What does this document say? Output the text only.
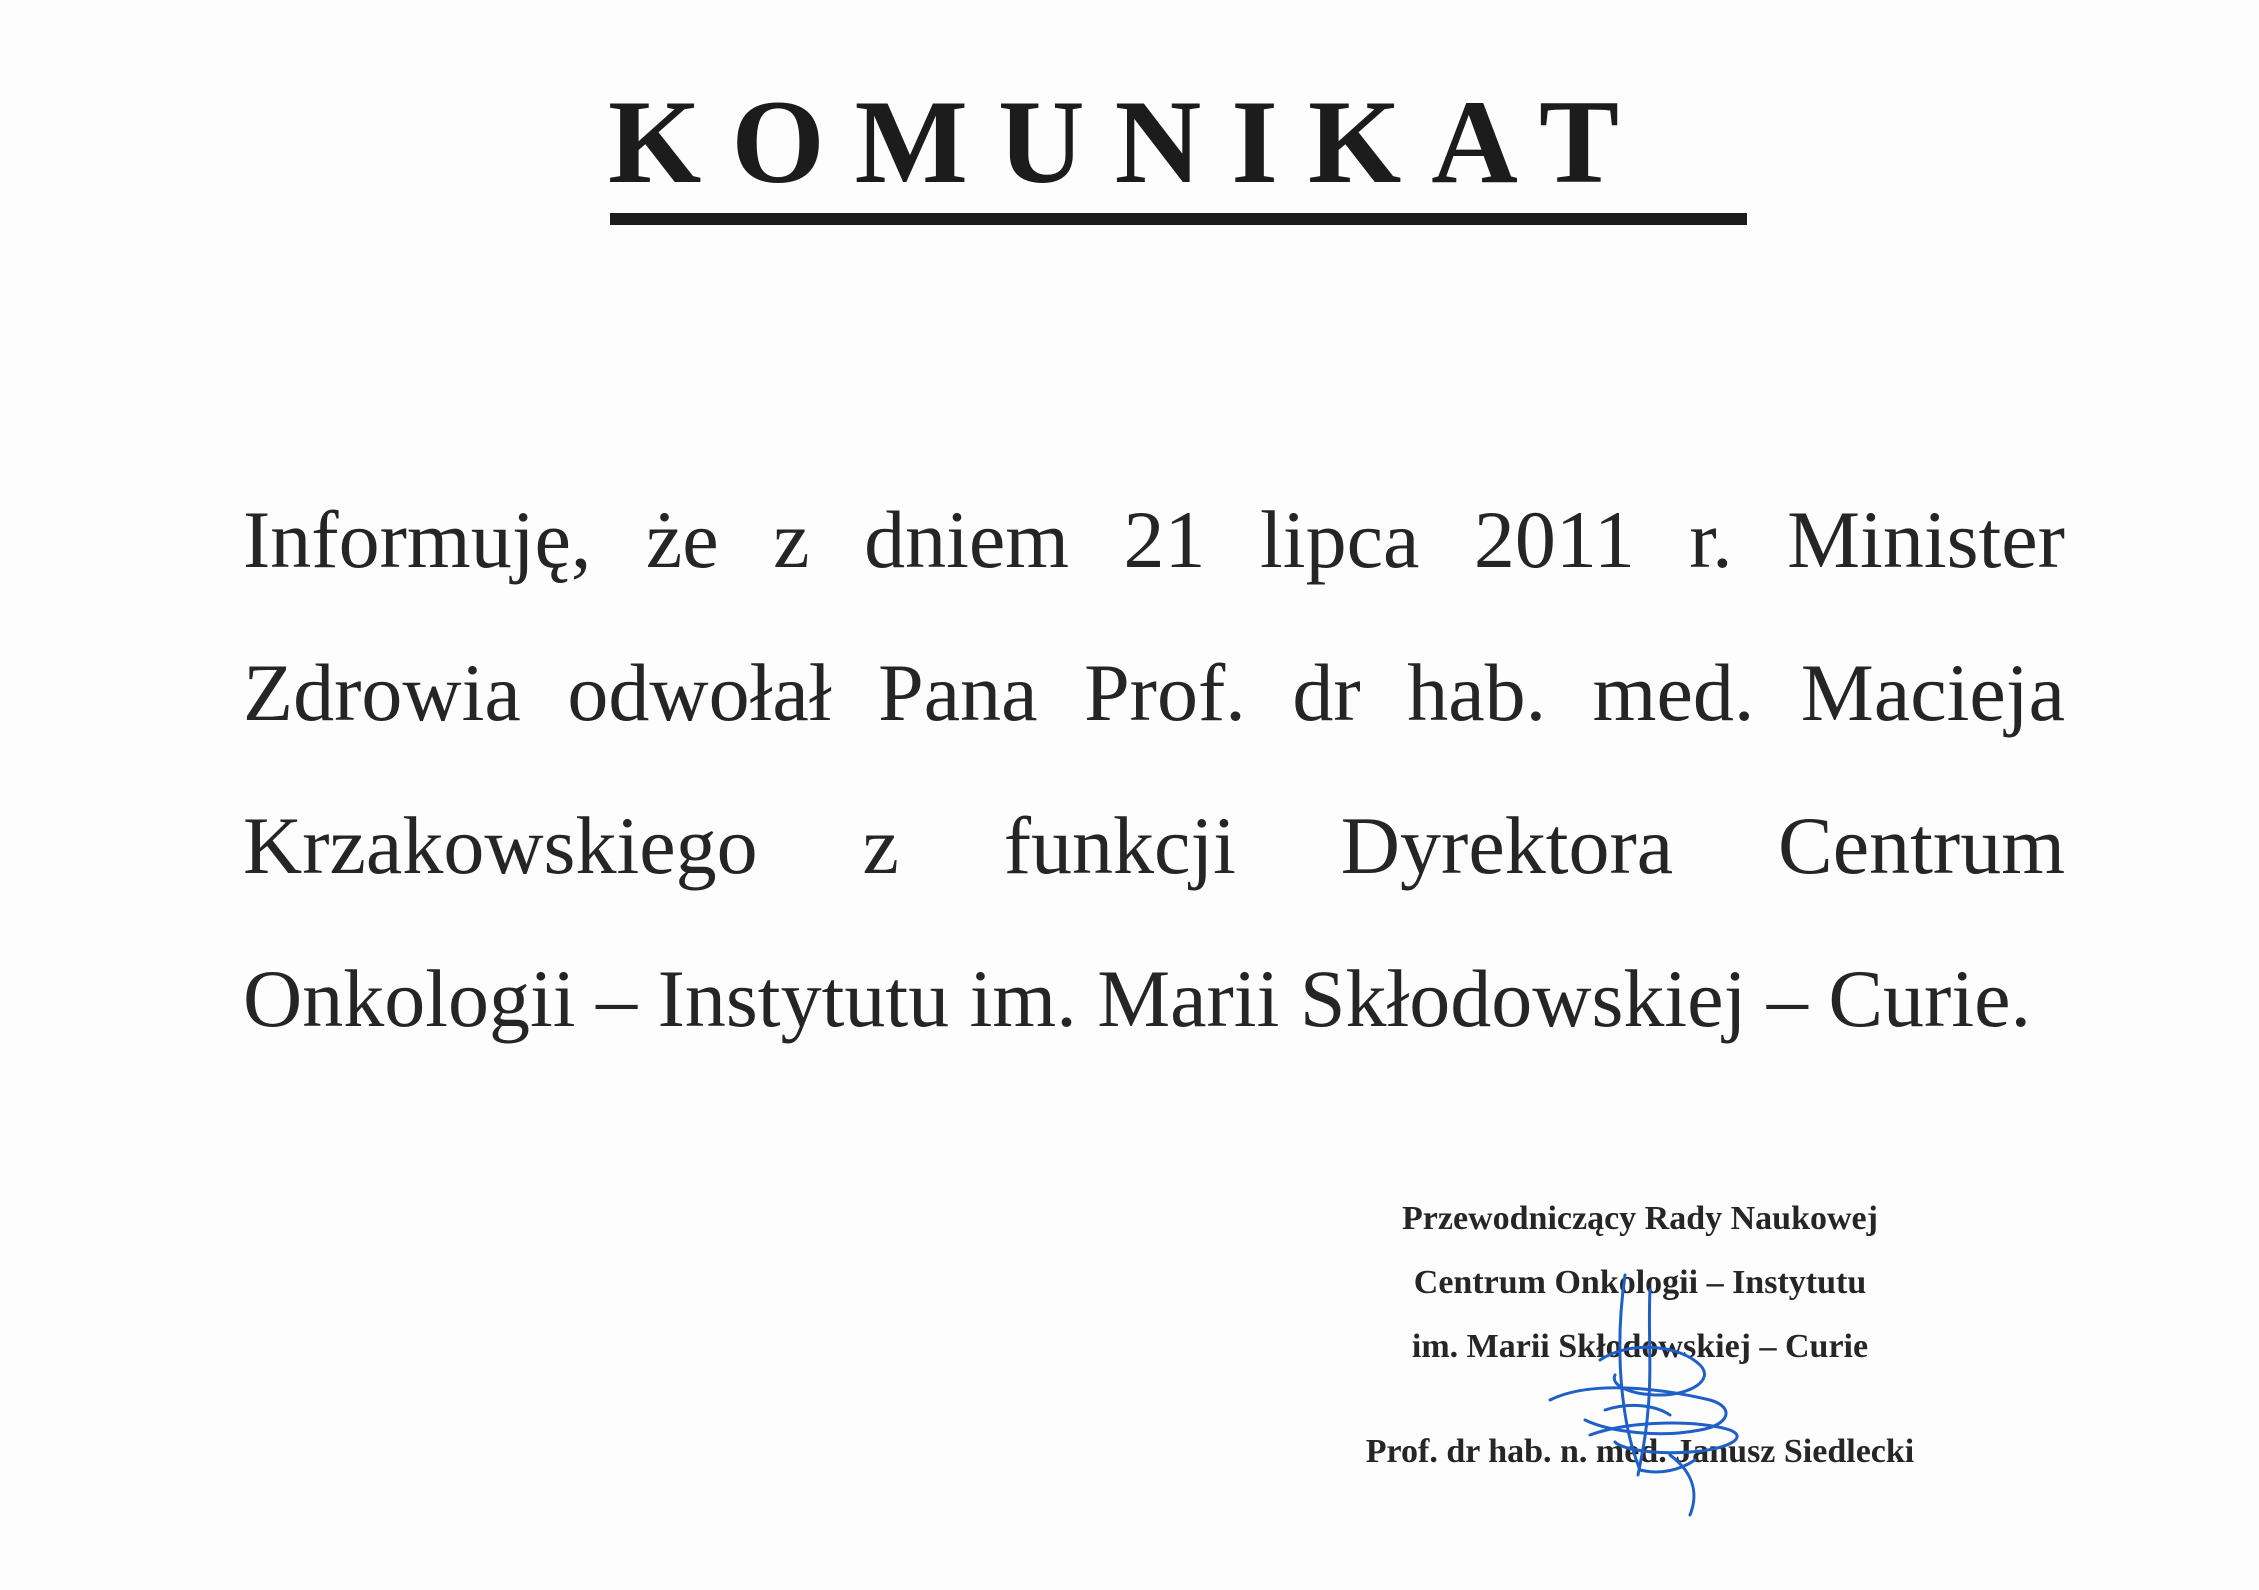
KOMUNIKAT

Informuję, że z dniem 21 lipca 2011 r. Minister Zdrowia odwołał Pana Prof. dr hab. med. Macieja Krzakowskiego z funkcji Dyrektora Centrum Onkologii – Instytutu im. Marii Skłodowskiej – Curie.

Przewodniczący Rady Naukowej
Centrum Onkologii – Instytutu
im. Marii Skłodowskiej – Curie
Prof. dr hab. n. med. Janusz Siedlecki
